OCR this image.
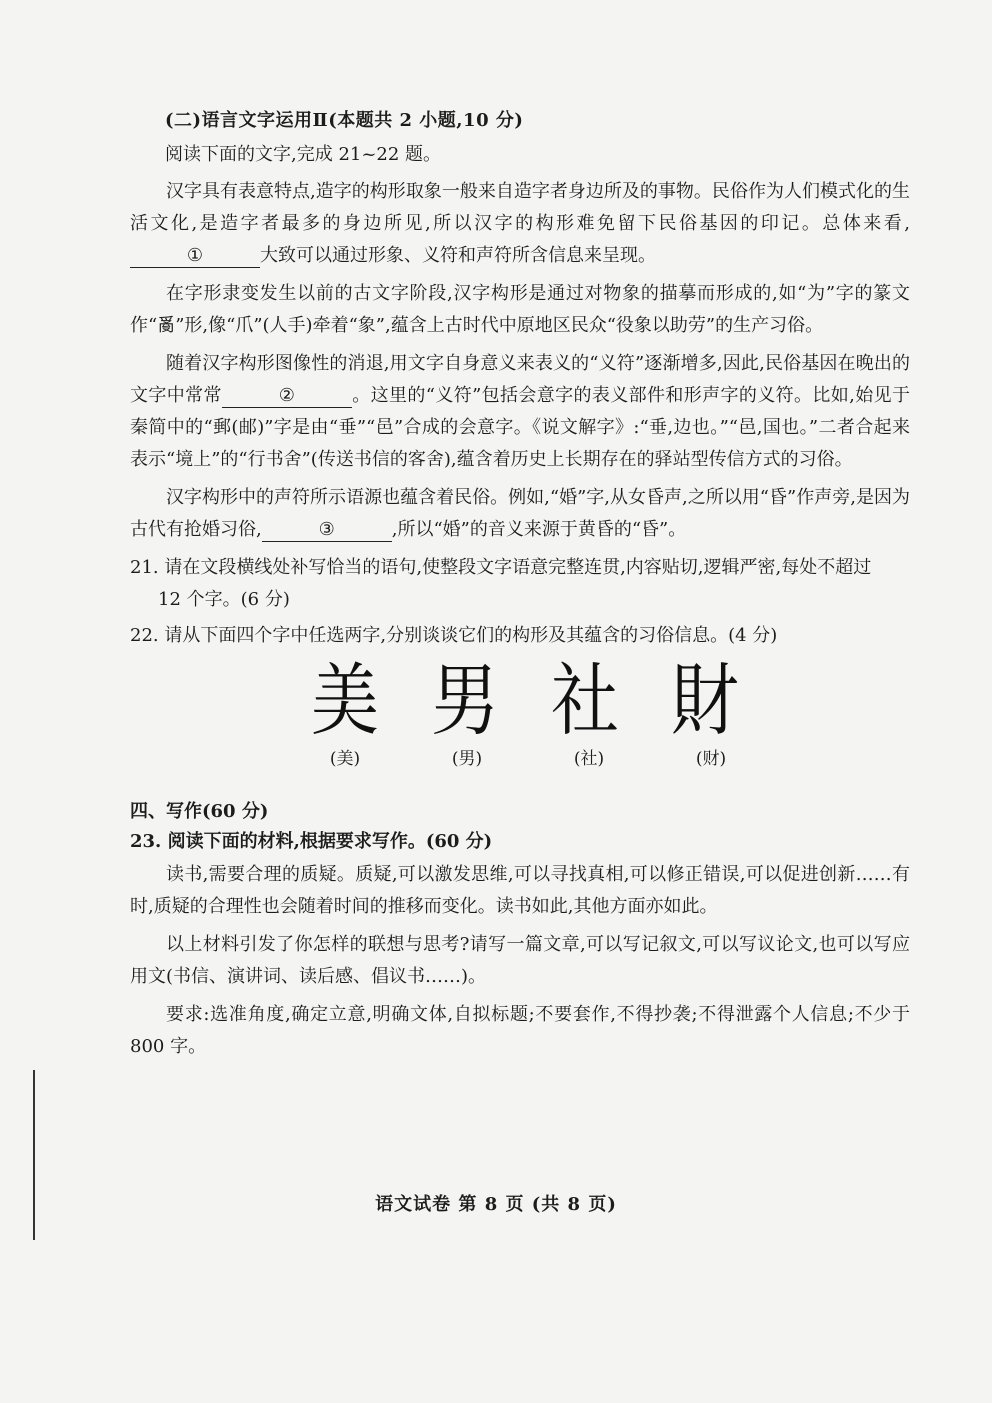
(二)语言文字运用Ⅱ(本题共 2 小题,10 分)
阅读下面的文字,完成 21~22 题。

汉字具有表意特点,造字的构形取象一般来自造字者身边所及的事物。民俗作为人们模式化的生活文化,是造字者最多的身边所见,所以汉字的构形难免留下民俗基因的印记。总体来看,①	大致可以通过形象、义符和声符所含信息来呈现。

在字形隶变发生以前的古文字阶段,汉字构形是通过对物象的描摹而形成的,如“为”字的篆文作“𤔔”形,像“爪”(人手)牵着“象”,蕴含上古时代中原地区民众“役象以助劳”的生产习俗。

随着汉字构形图像性的消退,用文字自身意义来表义的“义符”逐渐增多,因此,民俗基因在晚出的文字中常常	②	。这里的“义符”包括会意字的表义部件和形声字的义符。比如,始见于秦简中的“郵(邮)”字是由“垂”“邑”合成的会意字。《说文解字》:“垂,边也。”“邑,国也。”二者合起来表示“境上”的“行书舍”(传送书信的客舍),蕴含着历史上长期存在的驿站型传信方式的习俗。

汉字构形中的声符所示语源也蕴含着民俗。例如,“婚”字,从女昏声,之所以用“昏”作声旁,是因为古代有抢婚习俗,	③	,所以“婚”的音义来源于黄昏的“昏”。

21. 请在文段横线处补写恰当的语句,使整段文字语意完整连贯,内容贴切,逻辑严密,每处不超过
12 个字。(6 分)
22. 请从下面四个字中任选两字,分别谈谈它们的构形及其蕴含的习俗信息。(4 分)
美 男 社 財
(美)	(男)	(社)	(财)
四、写作(60 分)
23. 阅读下面的材料,根据要求写作。(60 分)

读书,需要合理的质疑。质疑,可以激发思维,可以寻找真相,可以修正错误,可以促进创新……有时,质疑的合理性也会随着时间的推移而变化。读书如此,其他方面亦如此。

以上材料引发了你怎样的联想与思考?请写一篇文章,可以写记叙文,可以写议论文,也可以写应用文(书信、演讲词、读后感、倡议书……)。

要求:选准角度,确定立意,明确文体,自拟标题;不要套作,不得抄袭;不得泄露个人信息;不少于 800 字。

语文试卷 第 8 页 (共 8 页)
